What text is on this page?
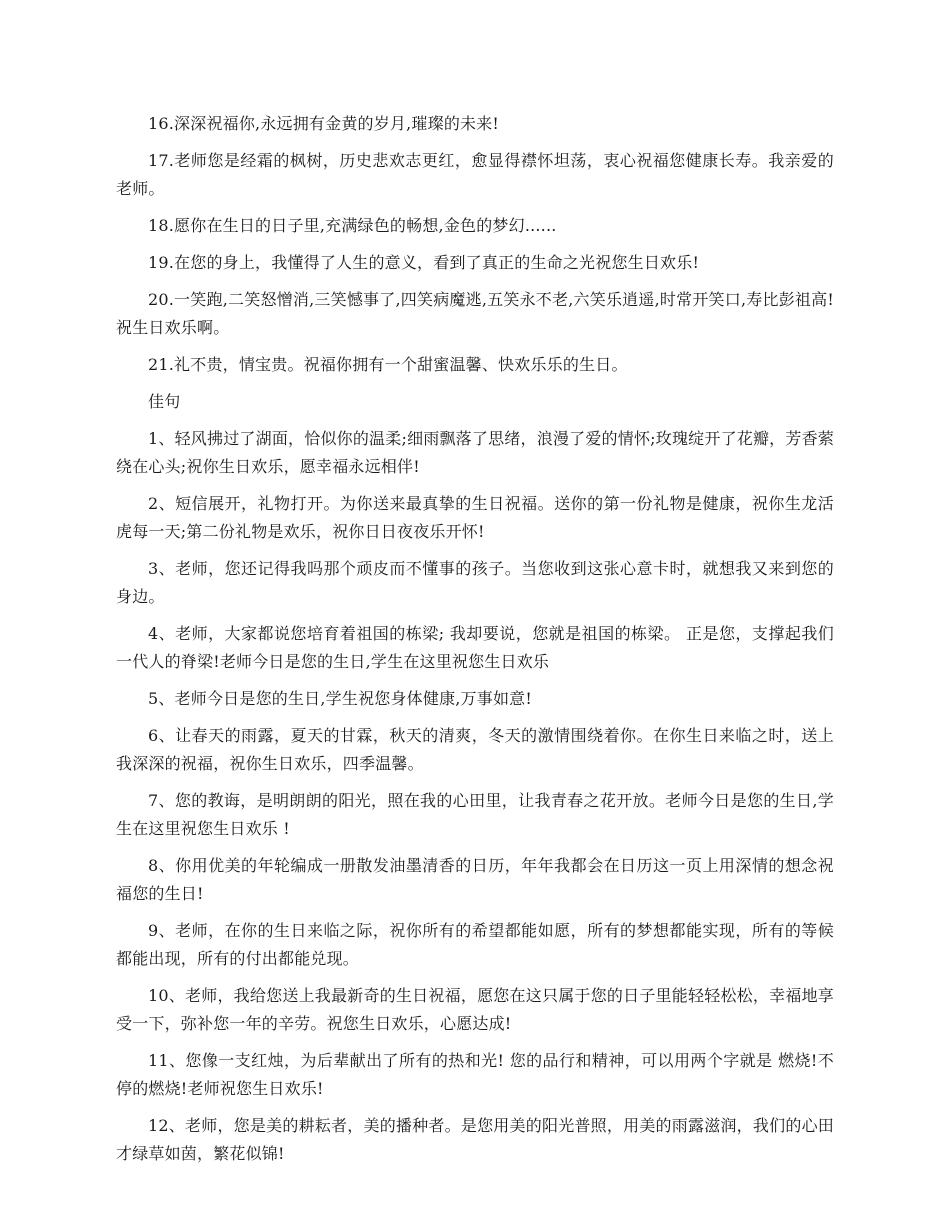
16.深深祝福你,永远拥有金黄的岁月,璀璨的未来!

17.老师您是经霜的枫树，历史悲欢志更红，愈显得襟怀坦荡，衷心祝福您健康长寿。我亲爱的老师。

18.愿你在生日的日子里,充满绿色的畅想,金色的梦幻......

19.在您的身上，我懂得了人生的意义，看到了真正的生命之光祝您生日欢乐!

20.一笑跑,二笑怒憎消,三笑憾事了,四笑病魔逃,五笑永不老,六笑乐逍遥,时常开笑口,寿比彭祖高! 祝生日欢乐啊。

21.礼不贵，情宝贵。祝福你拥有一个甜蜜温馨、快欢乐乐的生日。

佳句

1、轻风拂过了湖面，恰似你的温柔;细雨飘落了思绪，浪漫了爱的情怀;玫瑰绽开了花瓣，芳香萦绕在心头;祝你生日欢乐，愿幸福永远相伴!

2、短信展开，礼物打开。为你送来最真挚的生日祝福。送你的第一份礼物是健康，祝你生龙活虎每一天;第二份礼物是欢乐，祝你日日夜夜乐开怀!

3、老师，您还记得我吗那个顽皮而不懂事的孩子。当您收到这张心意卡时，就想我又来到您的身边。

4、老师，大家都说您培育着祖国的栋梁; 我却要说，您就是祖国的栋梁。 正是您，支撑起我们一代人的脊梁!老师今日是您的生日,学生在这里祝您生日欢乐

5、老师今日是您的生日,学生祝您身体健康,万事如意!

6、让春天的雨露，夏天的甘霖，秋天的清爽，冬天的激情围绕着你。在你生日来临之时，送上我深深的祝福，祝你生日欢乐，四季温馨。

7、您的教诲，是明朗朗的阳光，照在我的心田里，让我青春之花开放。老师今日是您的生日,学生在这里祝您生日欢乐 !

8、你用优美的年轮编成一册散发油墨清香的日历，年年我都会在日历这一页上用深情的想念祝福您的生日!

9、老师，在你的生日来临之际，祝你所有的希望都能如愿，所有的梦想都能实现，所有的等候都能出现，所有的付出都能兑现。

10、老师，我给您送上我最新奇的生日祝福，愿您在这只属于您的日子里能轻轻松松，幸福地享受一下，弥补您一年的辛劳。祝您生日欢乐，心愿达成!

11、您像一支红烛，为后辈献出了所有的热和光! 您的品行和精神，可以用两个字就是 燃烧!不停的燃烧!老师祝您生日欢乐!

12、老师，您是美的耕耘者，美的播种者。是您用美的阳光普照，用美的雨露滋润，我们的心田才绿草如茵，繁花似锦!
